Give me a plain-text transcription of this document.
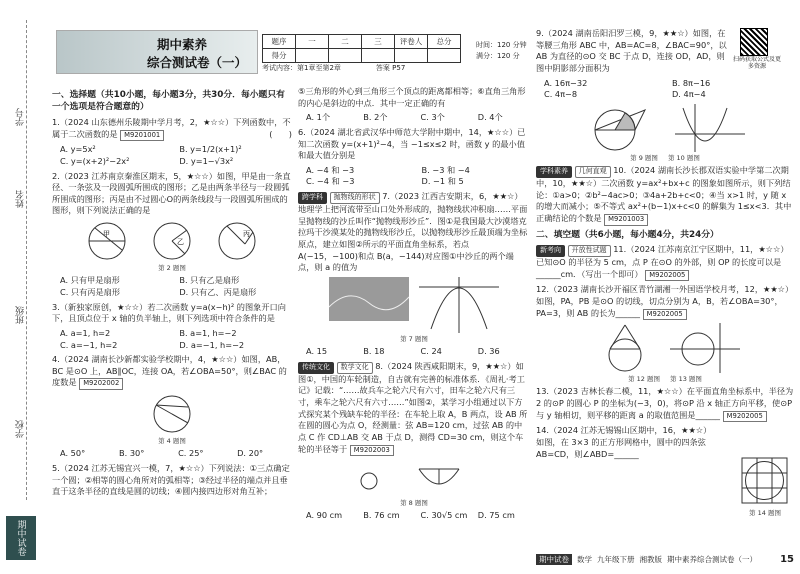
学号
姓名
班级
学校
期中试卷
期中素养
综合测试卷（一）
题序	一	二	三	评卷人	总分
得分					
时间：120 分钟
满分：120 分
考试内容：第1章至第2章　　　　　	答案 P57
扫码获取公式及更多资源
一、选择题（共10小题，每小题3分，共30分．每小题只有一个选项是符合题意的）
1.（2024 山东德州乐陵期中学月考，2，★☆☆）下列函数中，不属于二次函数的是 M9201001	(　　)
A. y=5x²	B. y=1/2(x+1)²
C. y=(x+2)²−2x²	D. y=1−√3x²
2.（2023 江苏南京秦淮区期末，5，★☆☆）如图，甲是由一条直径、一条弦及一段圆弧所围成的图形；乙是由两条半径与一段圆弧所围成的图形；丙是由不过圆心O的两条线段与一段圆弧所围成的图形，则下列说法正确的是
甲
乙
丙
第 2 题图
A. 只有甲是扇形	B. 只有乙是扇形
C. 只有丙是扇形	D. 只有乙、丙是扇形
3.（新独家原创，★☆☆）若二次函数 y=a(x−h)² 的图象开口向下，且顶点位于 x 轴的负半轴上，则下列选项中符合条件的是
A. a=1, h=2	B. a=1, h=−2
C. a=−1, h=2	D. a=−1, h=−2
4.（2024 湖南长沙新都实验学校期中，4，★☆☆）如图，AB，BC 是⊙O 上，AB∥OC，连接 OA，若∠OBA=50°，则∠BAC 的度数是 M9202002
第 4 题图
A. 50°	B. 30°	C. 25°	D. 20°
5.（2024 江苏无锡宜兴一模，7，★☆☆）下列说法：①三点确定一个圆；②相等的圆心角所对的弧相等；③经过半径的端点并且垂直于这条半径的直线是圆的切线；④圆内接四边形对角互补；
⑤三角形的外心到三角形三个顶点的距离都相等；⑥直角三角形的内心是斜边的中点．其中一定正确的有
A. 1个	B. 2个	C. 3个	D. 4个
6.（2024 湖北省武汉华中师范大学附中期中，14，★☆☆）已知二次函数 y=(x+1)²−4，当 −1≤x≤2 时，函数 y 的最小值和最大值分别是
A. −4 和 −3	B. −3 和 −4
C. −4 和 −3	D. −1 和 5
跨学科 抛物线的形状 7.（2023 江西吉安期末，6，★★☆）地理学上把河流带至山口处外形成的，抛物线状冲积扇……平面呈抛物线的沙丘叫作“抛物线形沙丘”．图①是我国最大沙漠塔克拉玛干沙漠某处的抛物线形沙丘，以抛物线形沙丘最顶端为坐标原点，建立如图②所示的平面直角坐标系，若点 A(−15，−100)和点 B(a，−144)对应图①中沙丘的两个端点，则 a 的值为
第 7 题图
A. 15	B. 18	C. 24	D. 36
传统文化 数学文化 8.（2024 陕西咸阳期末，9，★★☆）如图①，中国的车轮制造，自古就有完善的标准体系．《周礼·考工记》记载：“……故兵车之轮六尺有六寸，田车之轮六尺有三寸，乘车之轮六尺有六寸……”如图②，某学习小组通过以下方式探究某个残缺车轮的半径：在车轮上取 A，B 两点，设 AB 所在圆的圆心为点 O，经测量：弦 AB=120 cm，过弦 AB 的中点 C 作 CD⊥AB 交 AB 于点 D，测得 CD=30 cm，则这个车轮的半径等于 M9202003
第 8 题图
A. 90 cm	B. 76 cm	C. 30√5 cm D. 75 cm
9.（2024 湖南岳阳汨罗三模，9，★★☆）如图，在等腰三角形 ABC 中，AB=AC=8，∠BAC=90°，以 AB 为直径的⊙O 交 BC 于点 D，连接 OD，AD，则图中阴影部分面积为
A. 16π−32	B. 8π−16
C. 4π−8	D. 4π−4
第 9 题图 第 10 题图
学科素养 几何直观 10.（2024 湖南长沙长郡双语实验中学第二次期中，10，★★☆）二次函数 y=ax²+bx+c 的图象如图所示，则下列结论：①a>0；②b²−4ac>0；③4a+2b+c<0；④当 x>1 时，y 随 x 的增大而减小；⑤不等式 ax²+(b−1)x+c<0 的解集为 1≤x<3．其中正确结论的个数是 M9201003
二、填空题（共6小题，每小题4分，共24分）
新考向 开放性试题 11.（2024 江苏南京江宁区期中，11，★☆☆）已知⊙O 的半径为 5 cm，点 P 在⊙O 的外部，则 OP 的长度可以是______cm．（写出一个即可） M9202005
12.（2023 湖南长沙开福区青竹湖湘一外国语学校月考，12，★★☆）如图，PA，PB 是⊙O 的切线，切点分别为 A，B，若∠OBA=30°，PA=3，则 AB 的长为______ M9202005
第 12 题图 第 13 题图
13.（2023 吉林长春二模，11，★☆☆）在平面直角坐标系中，半径为 2 的⊙P 的圆心 P 的坐标为(−3，0)，将⊙P 沿 x 轴正方向平移，使⊙P 与 y 轴相切，则平移的距离 a 的取值范围是______ M9202005
14.（2024 江苏无锡锡山区期中，16，★★☆）如图，在 3×3 的正方形网格中，圆中的四条弦 AB=CD，则∠ABD=______
第 14 题图
期中试卷	数学 九年级下册 湘教版 期中素养综合测试卷（一） 15
